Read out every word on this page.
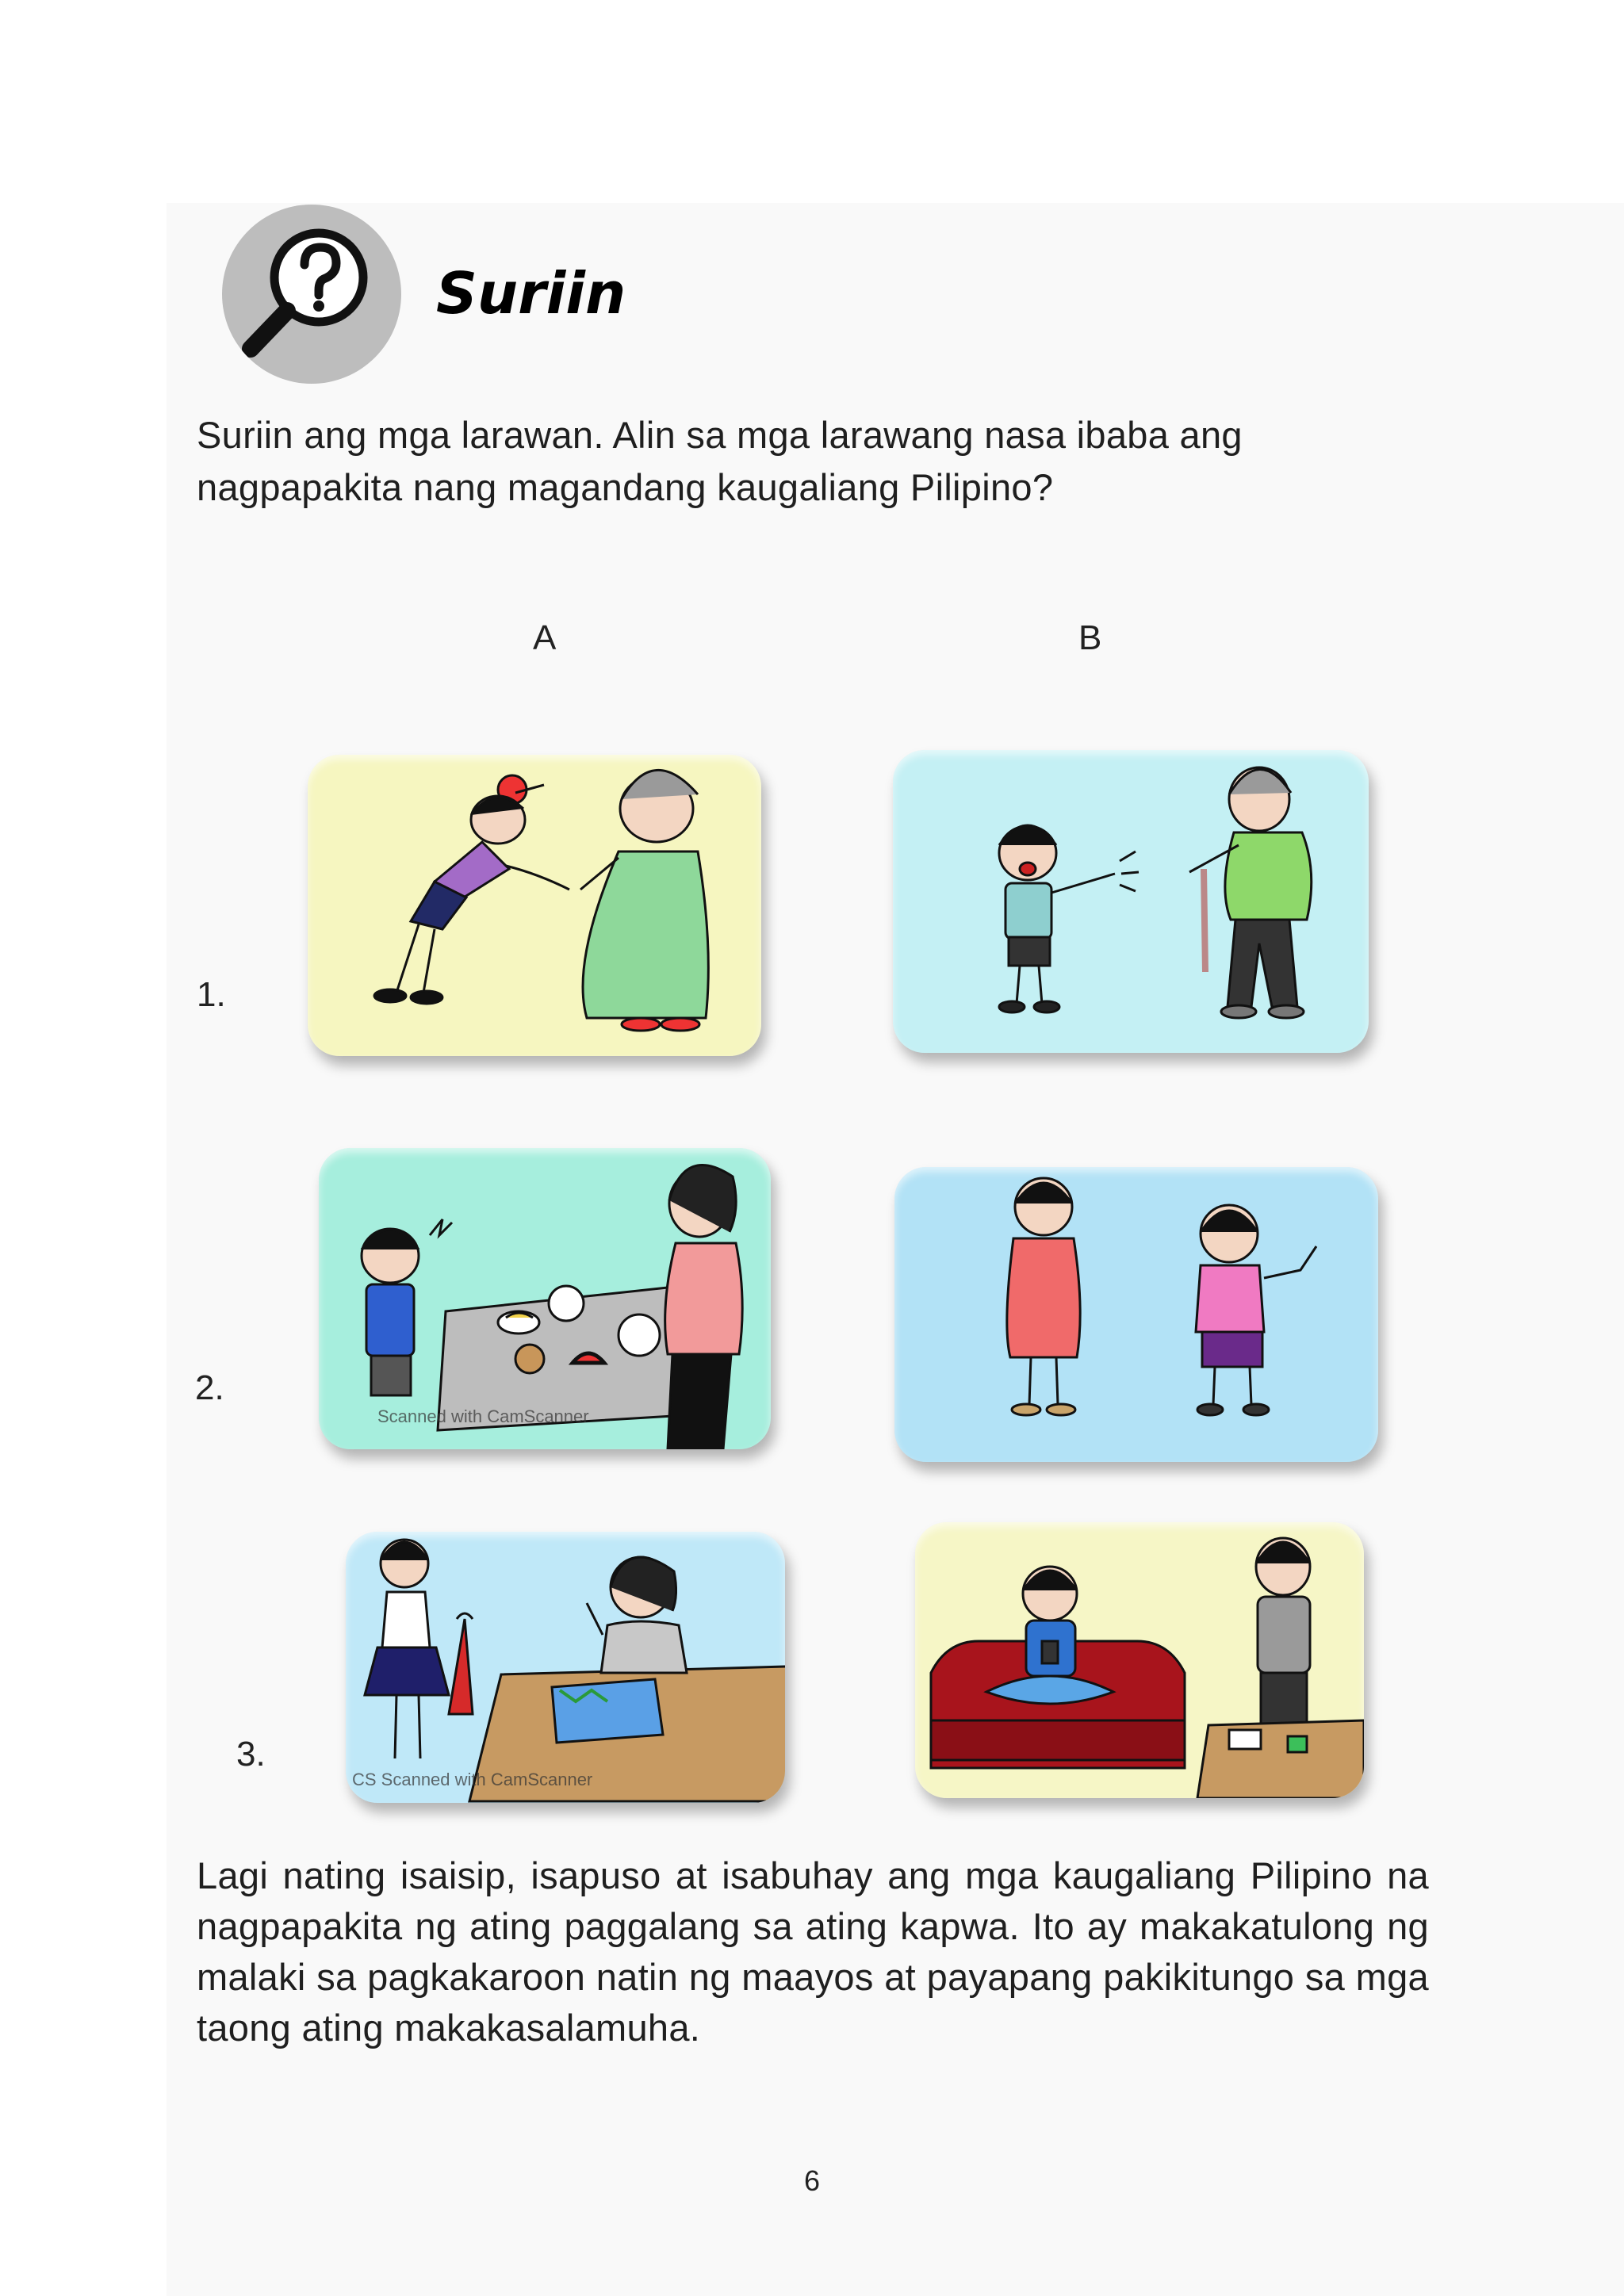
Suriin
Suriin ang mga larawan. Alin sa mga larawang nasa ibaba ang nagpapakita nang magandang kaugaliang Pilipino?
A	B
1.
2.
3.
Scanned with CamScanner
CS Scanned with CamScanner
Lagi nating isaisip, isapuso at isabuhay ang mga kaugaliang Pilipino na nagpapakita ng ating paggalang sa ating kapwa. Ito ay makakatulong ng malaki sa pagkakaroon natin ng maayos at payapang pakikitungo sa mga taong ating makakasalamuha.
6
